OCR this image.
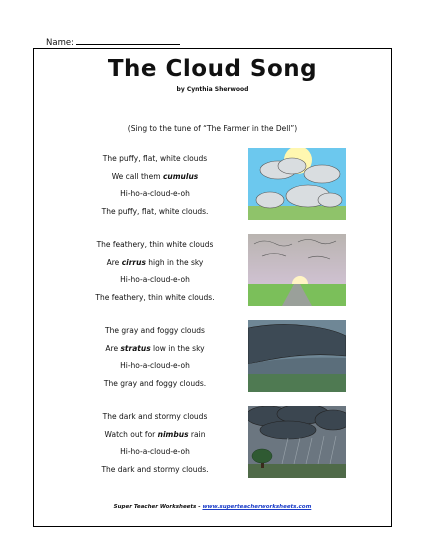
Name:
The Cloud Song
by Cynthia Sherwood
(Sing to the tune of “The Farmer in the Dell”)
The puffy, flat, white clouds
We call them cumulus
Hi-ho-a-cloud-e-oh
The puffy, flat, white clouds.
The feathery, thin white clouds
Are cirrus high in the sky
Hi-ho-a-cloud-e-oh
The feathery, thin white clouds.
The gray and foggy clouds
Are stratus low in the sky
Hi-ho-a-cloud-e-oh
The gray and foggy clouds.
The dark and stormy clouds
Watch out for nimbus rain
Hi-ho-a-cloud-e-oh
The dark and stormy clouds.
Super Teacher Worksheets - www.superteacherworksheets.com
